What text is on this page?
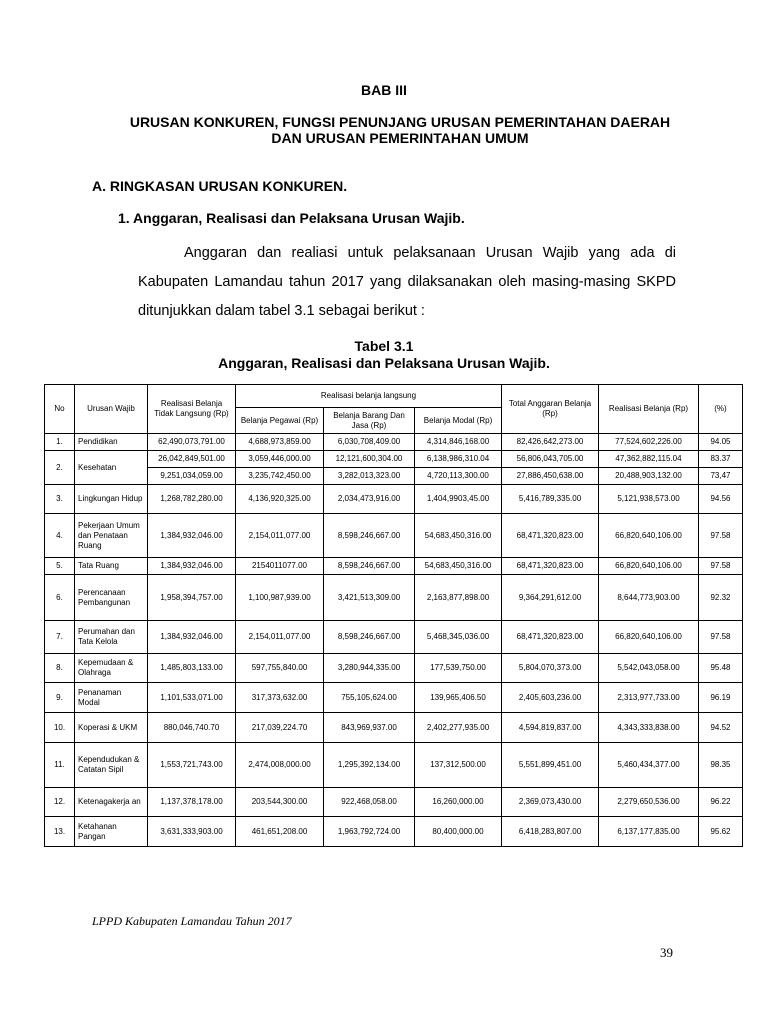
BAB III
URUSAN KONKUREN, FUNGSI PENUNJANG URUSAN PEMERINTAHAN DAERAH DAN URUSAN PEMERINTAHAN UMUM
A. RINGKASAN URUSAN KONKUREN.
1. Anggaran, Realisasi dan Pelaksana Urusan Wajib.
Anggaran dan realiasi untuk pelaksanaan Urusan Wajib yang ada di Kabupaten Lamandau tahun 2017 yang dilaksanakan oleh masing-masing SKPD ditunjukkan dalam tabel 3.1 sebagai berikut :
Tabel 3.1
Anggaran, Realisasi dan Pelaksana Urusan Wajib.
No	Urusan Wajib	Realisasi Belanja Tidak Langsung (Rp)	Realisasi belanja langsung			Total Anggaran Belanja (Rp)	Realisasi Belanja (Rp)	(%)
			Belanja Pegawai (Rp)	Belanja Barang Dan Jasa (Rp)	Belanja Modal (Rp)			
1.	Pendidikan	62,490,073,791.00	4,688,973,859.00	6,030,708,409.00	4,314,846,168.00	82,426,642,273.00	77,524,602,226.00	94.05
2.	Kesehatan	26,042,849,501.00	3,059,446,000.00	12,121,600,304.00	6,138,986,310.04	56,806,043,705.00	47,362,882,115.04	83.37
		9,251,034,059.00	3,235,742,450.00	3,282,013,323.00	4,720,113,300.00	27,886,450,638.00	20,488,903,132.00	73,47
3.	Lingkungan Hidup	1,268,782,280.00	4,136,920,325.00	2,034,473,916.00	1,404,9903,45.00	5,416,789,335.00	5,121,938,573.00	94.56
4.	Pekerjaan Umum dan Penataan Ruang	1,384,932,046.00	2,154,011,077.00	8,598,246,667.00	54,683,450,316.00	68,471,320,823.00	66,820,640,106.00	97.58
5.	Tata Ruang	1,384,932,046.00	2154011077.00	8,598,246,667.00	54,683,450,316.00	68,471,320,823.00	66,820,640,106.00	97.58
6.	Perencanaan Pembangunan	1,958,394,757.00	1,100,987,939.00	3,421,513,309.00	2,163,877,898.00	9,364,291,612.00	8,644,773,903.00	92.32
7.	Perumahan dan Tata Kelola	1,384,932,046.00	2,154,011,077.00	8,598,246,667.00	5,468,345,036.00	68,471,320,823.00	66,820,640,106.00	97.58
8.	Kepemudaan & Olahraga	1,485,803,133.00	597,755,840.00	3,280,944,335.00	177,539,750.00	5,804,070,373.00	5,542,043,058.00	95.48
9.	Penanaman Modal	1,101,533,071.00	317,373,632.00	755,105,624.00	139,965,406.50	2,405,603,236.00	2,313,977,733.00	96.19
10.	Koperasi & UKM	880,046,740.70	217,039,224.70	843,969,937.00	2,402,277,935.00	4,594,819,837.00	4,343,333,838.00	94.52
11.	Kependudukan & Catatan Sipil	1,553,721,743.00	2,474,008,000.00	1,295,392,134.00	137,312,500.00	5,551,899,451.00	5,460,434,377.00	98.35
12.	Ketenagakerja an	1,137,378,178.00	203,544,300.00	922,468,058.00	16,260,000.00	2,369,073,430.00	2,279,650,536.00	96.22
13.	Ketahanan Pangan	3,631,333,903.00	461,651,208.00	1,963,792,724.00	80,400,000.00	6,418,283,807.00	6,137,177,835.00	95.62
LPPD Kabupaten Lamandau Tahun 2017
39
